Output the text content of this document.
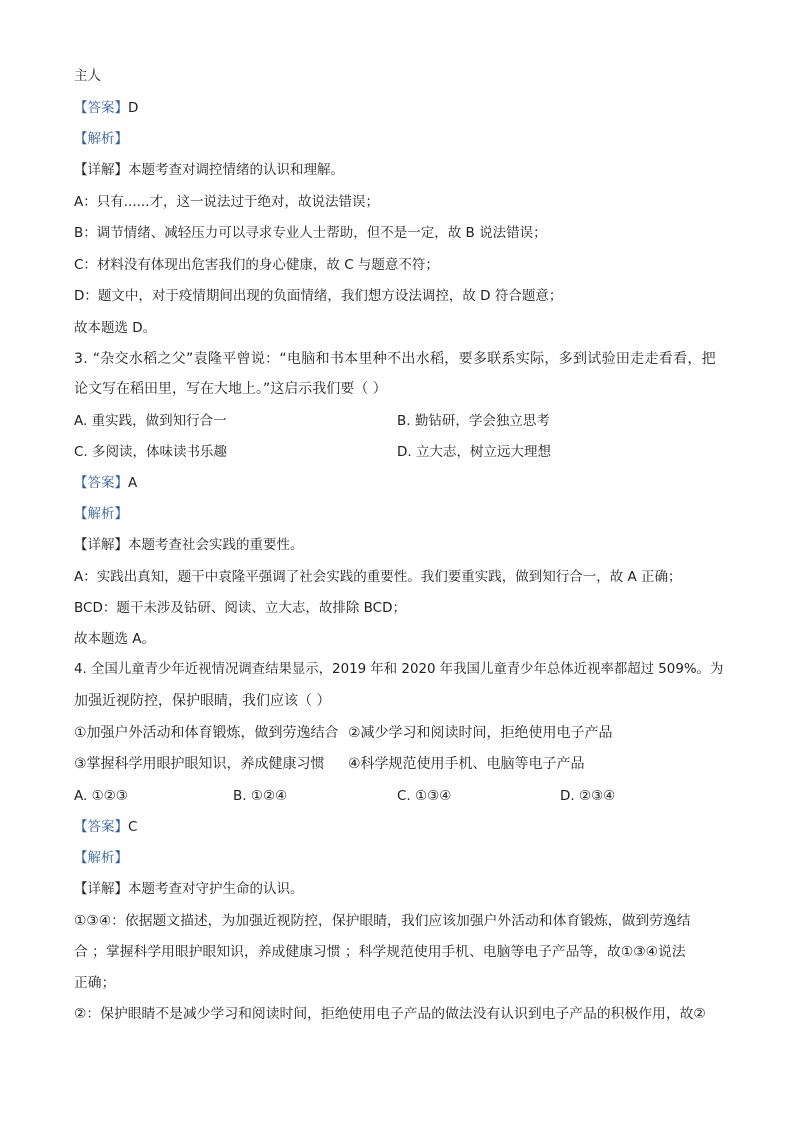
主人
【答案】D
【解析】
【详解】本题考查对调控情绪的认识和理解。
A：只有......才，这一说法过于绝对，故说法错误；
B：调节情绪、减轻压力可以寻求专业人士帮助，但不是一定，故 B 说法错误；
C：材料没有体现出危害我们的身心健康，故 C 与题意不符；
D：题文中，对于疫情期间出现的负面情绪，我们想方设法调控，故 D 符合题意；
故本题选 D。
3. “杂交水稻之父”袁隆平曾说：“电脑和书本里种不出水稻，要多联系实际，多到试验田走走看看，把
论文写在稻田里，写在大地上。”这启示我们要（ ）
A. 重实践，做到知行合一	B. 勤钻研，学会独立思考
C. 多阅读，体味读书乐趣	D. 立大志，树立远大理想
【答案】A
【解析】
【详解】本题考查社会实践的重要性。
A：实践出真知，题干中袁隆平强调了社会实践的重要性。我们要重实践，做到知行合一，故 A 正确；
BCD：题干未涉及钻研、阅读、立大志，故排除 BCD；
故本题选 A。
4. 全国儿童青少年近视情况调查结果显示，2019 年和 2020 年我国儿童青少年总体近视率都超过 509%。为
加强近视防控，保护眼睛，我们应该（ ）
①加强户外活动和体育锻炼，做到劳逸结合 ②减少学习和阅读时间，拒绝使用电子产品
③掌握科学用眼护眼知识，养成健康习惯 ④科学规范使用手机、电脑等电子产品
A. ①②③	B. ①②④	C. ①③④	D. ②③④
【答案】C
【解析】
【详解】本题考查对守护生命的认识。
①③④：依据题文描述，为加强近视防控，保护眼睛，我们应该加强户外活动和体育锻炼，做到劳逸结
合 ；掌握科学用眼护眼知识，养成健康习惯 ；科学规范使用手机、电脑等电子产品等，故①③④说法
正确；
②：保护眼睛不是减少学习和阅读时间，拒绝使用电子产品的做法没有认识到电子产品的积极作用，故②
